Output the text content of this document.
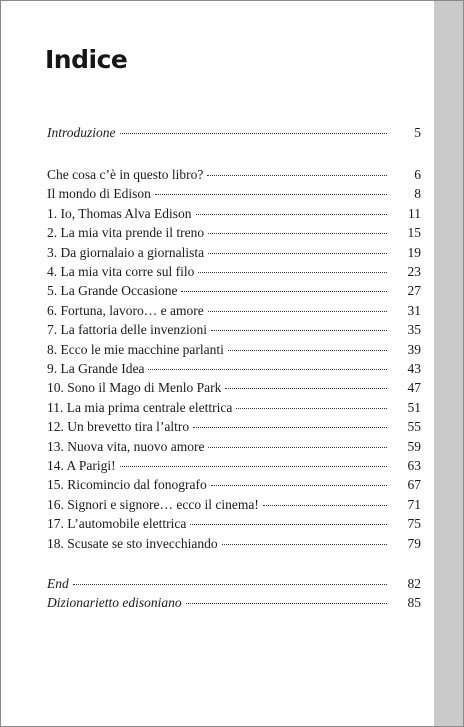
Indice
Introduzione	5
Che cosa c’è in questo libro?	6
Il mondo di Edison	8
1. Io, Thomas Alva Edison	11
2. La mia vita prende il treno	15
3. Da giornalaio a giornalista	19
4. La mia vita corre sul filo	23
5. La Grande Occasione	27
6. Fortuna, lavoro… e amore	31
7. La fattoria delle invenzioni	35
8. Ecco le mie macchine parlanti	39
9. La Grande Idea	43
10. Sono il Mago di Menlo Park	47
11. La mia prima centrale elettrica	51
12. Un brevetto tira l’altro	55
13. Nuova vita, nuovo amore	59
14. A Parigi!	63
15. Ricomincio dal fonografo	67
16. Signori e signore… ecco il cinema!	71
17. L’automobile elettrica	75
18. Scusate se sto invecchiando	79
End	82
Dizionarietto edisoniano	85
